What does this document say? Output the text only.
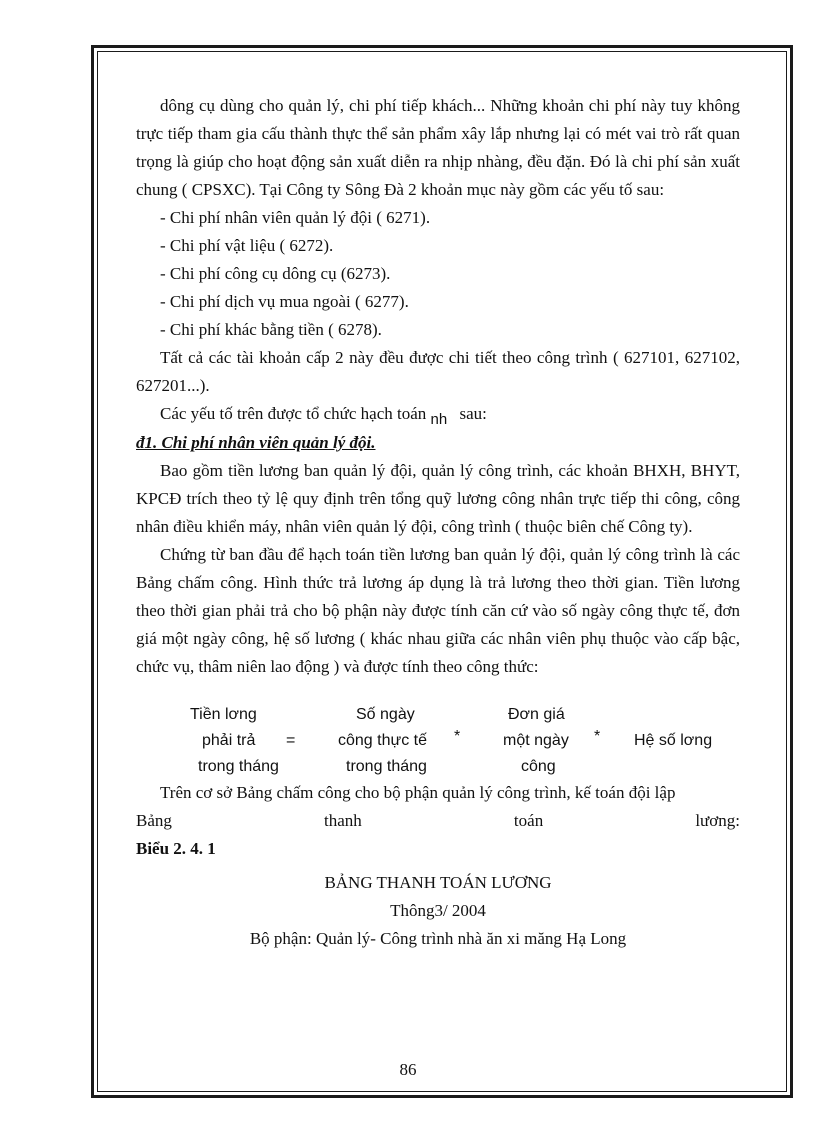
dông cụ dùng cho quản lý, chi phí tiếp khách... Những khoản chi phí này tuy không trực tiếp tham gia cấu thành thực thể sản phẩm xây lắp nhưng lại có mét vai trò rất quan trọng là giúp cho hoạt động sản xuất diễn ra nhịp nhàng, đều đặn. Đó là chi phí sản xuất chung ( CPSXC). Tại Công ty Sông Đà 2 khoản mục này gồm các yếu tố sau:

- Chi phí nhân viên quản lý đội ( 6271).

- Chi phí vật liệu ( 6272).

- Chi phí công cụ dông cụ (6273).

- Chi phí dịch vụ mua ngoài ( 6277).

- Chi phí khác bằng tiền ( 6278).

Tất cả các tài khoản cấp 2 này đều được chi tiết theo công trình ( 627101, 627102, 627201...).

Các yếu tố trên được tổ chức hạch toán nh sau:

đ1. Chi phí nhân viên quản lý đội.

Bao gồm tiền lương ban quản lý đội, quản lý công trình, các khoản BHXH, BHYT, KPCĐ trích theo tỷ lệ quy định trên tổng quỹ lương công nhân trực tiếp thi công, công nhân điều khiển máy, nhân viên quản lý đội, công trình ( thuộc biên chế Công ty).

Chứng từ ban đầu để hạch toán tiền lương ban quản lý đội, quản lý công trình là các Bảng chấm công. Hình thức trả lương áp dụng là trả lương theo thời gian. Tiền lương theo thời gian phải trả cho bộ phận này được tính căn cứ vào số ngày công thực tế, đơn giá một ngày công, hệ số lương ( khác nhau giữa các nhân viên phụ thuộc vào cấp bậc, chức vụ, thâm niên lao động ) và được tính theo công thức:

Tiền lơng
phải trả
trong tháng
=
Số ngày
công thực tế
trong tháng
*
Đơn giá
một ngày
công
* Hệ số lơng

Trên cơ sở Bảng chấm công cho bộ phận quản lý công trình, kế toán đội lập

Bảng	thanh	toán	lương:

Biểu 2. 4. 1

BẢNG THANH TOÁN LƯƠNG

Thông3/ 2004

Bộ phận: Quản lý- Công trình nhà ăn xi măng Hạ Long

86
